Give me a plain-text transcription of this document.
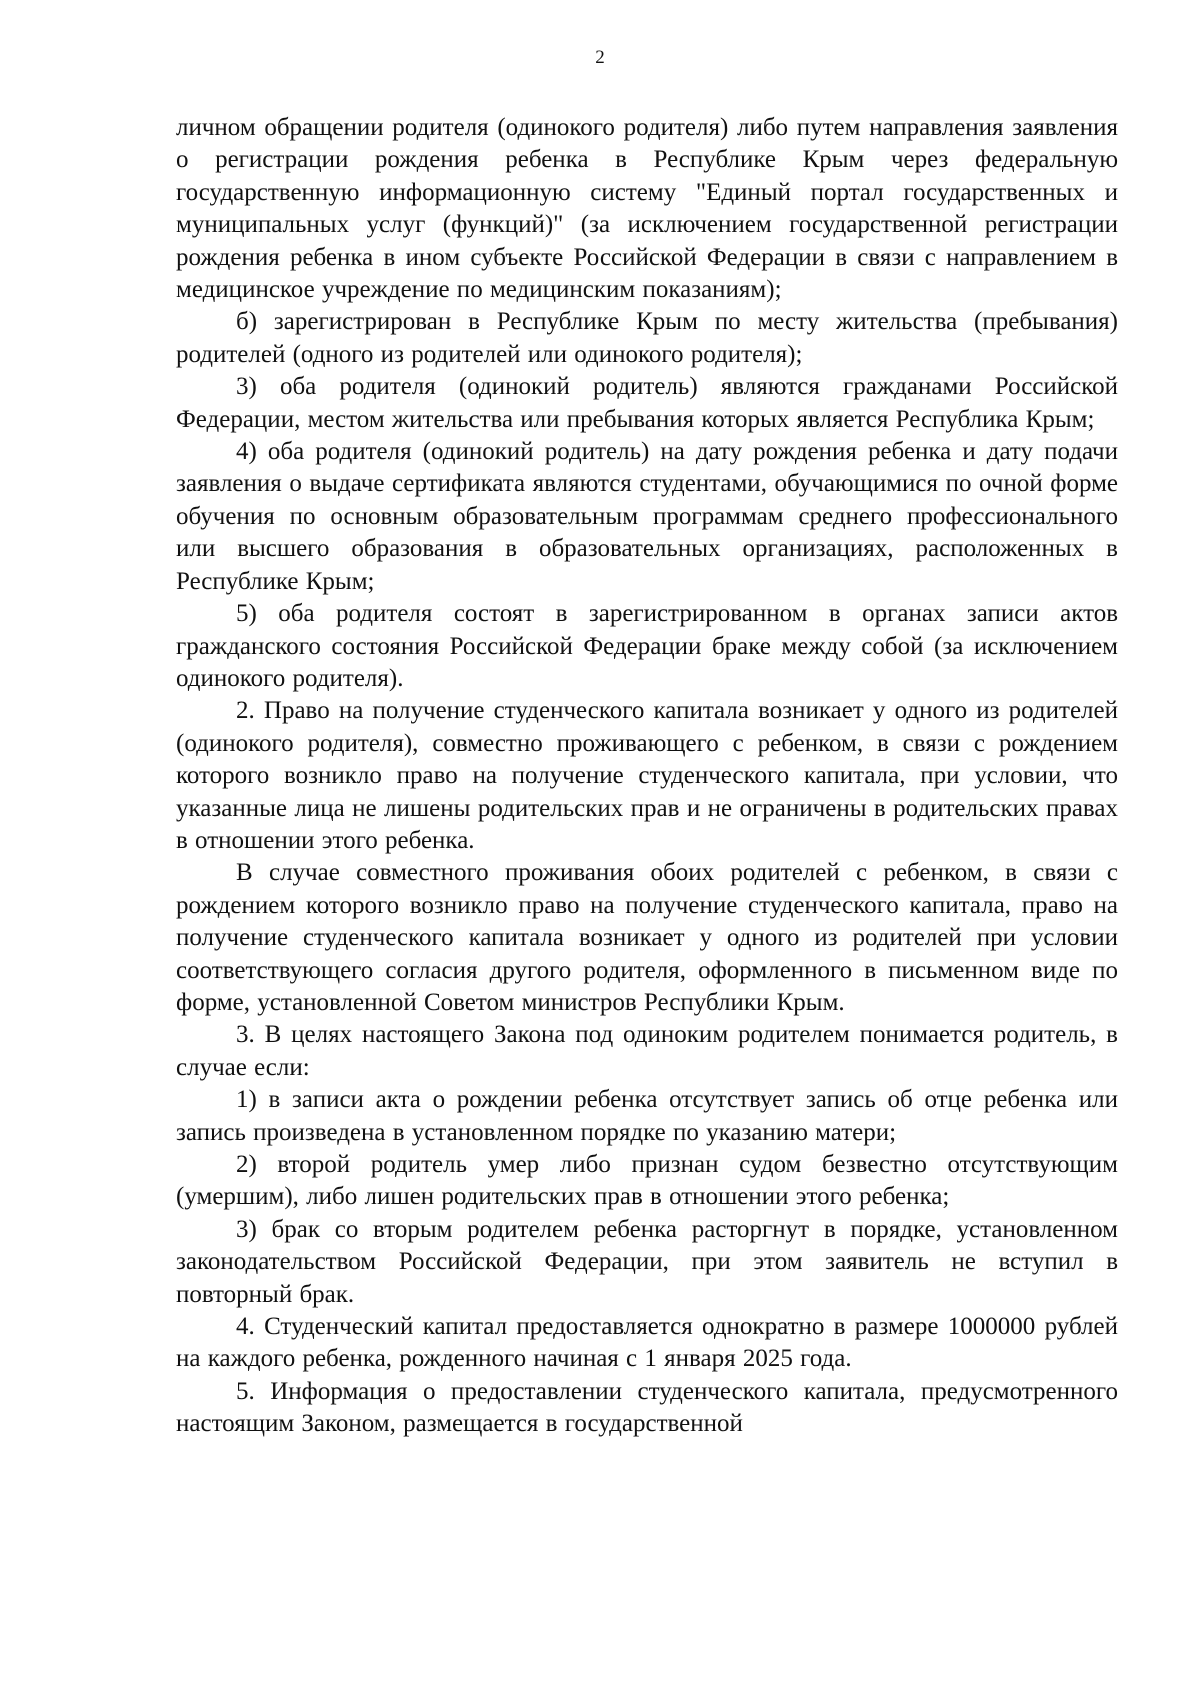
2

личном обращении родителя (одинокого родителя) либо путем направления заявления о регистрации рождения ребенка в Республике Крым через федеральную государственную информационную систему "Единый портал государственных и муниципальных услуг (функций)" (за исключением государственной регистрации рождения ребенка в ином субъекте Российской Федерации в связи с направлением в медицинское учреждение по медицинским показаниям);

б) зарегистрирован в Республике Крым по месту жительства (пребывания) родителей (одного из родителей или одинокого родителя);

3) оба родителя (одинокий родитель) являются гражданами Российской Федерации, местом жительства или пребывания которых является Республика Крым;

4) оба родителя (одинокий родитель) на дату рождения ребенка и дату подачи заявления о выдаче сертификата являются студентами, обучающимися по очной форме обучения по основным образовательным программам среднего профессионального или высшего образования в образовательных организациях, расположенных в Республике Крым;

5) оба родителя состоят в зарегистрированном в органах записи актов гражданского состояния Российской Федерации браке между собой (за исключением одинокого родителя).

2. Право на получение студенческого капитала возникает у одного из родителей (одинокого родителя), совместно проживающего с ребенком, в связи с рождением которого возникло право на получение студенческого капитала, при условии, что указанные лица не лишены родительских прав и не ограничены в родительских правах в отношении этого ребенка.

В случае совместного проживания обоих родителей с ребенком, в связи с рождением которого возникло право на получение студенческого капитала, право на получение студенческого капитала возникает у одного из родителей при условии соответствующего согласия другого родителя, оформленного в письменном виде по форме, установленной Советом министров Республики Крым.

3. В целях настоящего Закона под одиноким родителем понимается родитель, в случае если:

1) в записи акта о рождении ребенка отсутствует запись об отце ребенка или запись произведена в установленном порядке по указанию матери;

2) второй родитель умер либо признан судом безвестно отсутствующим (умершим), либо лишен родительских прав в отношении этого ребенка;

3) брак со вторым родителем ребенка расторгнут в порядке, установленном законодательством Российской Федерации, при этом заявитель не вступил в повторный брак.

4. Студенческий капитал предоставляется однократно в размере 1000000 рублей на каждого ребенка, рожденного начиная с 1 января 2025 года.

5. Информация о предоставлении студенческого капитала, предусмотренного настоящим Законом, размещается в государственной
